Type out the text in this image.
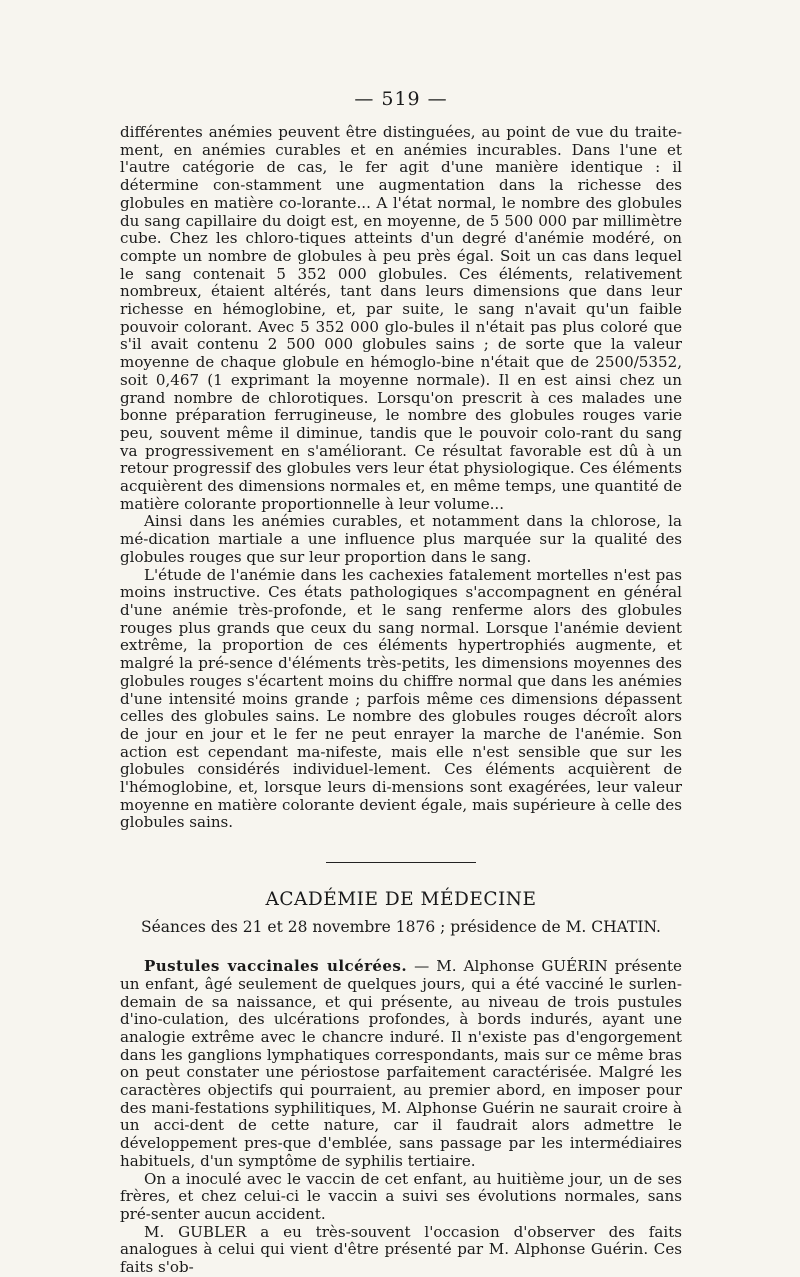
— 519 —

différentes anémies peuvent être distinguées, au point de vue du traite-ment, en anémies curables et en anémies incurables. Dans l'une et l'autre catégorie de cas, le fer agit d'une manière identique : il détermine con-stamment une augmentation dans la richesse des globules en matière co-lorante... A l'état normal, le nombre des globules du sang capillaire du doigt est, en moyenne, de 5 500 000 par millimètre cube. Chez les chloro-tiques atteints d'un degré d'anémie modéré, on compte un nombre de globules à peu près égal. Soit un cas dans lequel le sang contenait 5 352 000 globules. Ces éléments, relativement nombreux, étaient altérés, tant dans leurs dimensions que dans leur richesse en hémoglobine, et, par suite, le sang n'avait qu'un faible pouvoir colorant. Avec 5 352 000 glo-bules il n'était pas plus coloré que s'il avait contenu 2 500 000 globules sains ; de sorte que la valeur moyenne de chaque globule en hémoglo-bine n'était que de 2500/5352, soit 0,467 (1 exprimant la moyenne normale). Il en est ainsi chez un grand nombre de chlorotiques. Lorsqu'on prescrit à ces malades une bonne préparation ferrugineuse, le nombre des globules rouges varie peu, souvent même il diminue, tandis que le pouvoir colo-rant du sang va progressivement en s'améliorant. Ce résultat favorable est dû à un retour progressif des globules vers leur état physiologique. Ces éléments acquièrent des dimensions normales et, en même temps, une quantité de matière colorante proportionnelle à leur volume...

Ainsi dans les anémies curables, et notamment dans la chlorose, la mé-dication martiale a une influence plus marquée sur la qualité des globules rouges que sur leur proportion dans le sang.

L'étude de l'anémie dans les cachexies fatalement mortelles n'est pas moins instructive. Ces états pathologiques s'accompagnent en général d'une anémie très-profonde, et le sang renferme alors des globules rouges plus grands que ceux du sang normal. Lorsque l'anémie devient extrême, la proportion de ces éléments hypertrophiés augmente, et malgré la pré-sence d'éléments très-petits, les dimensions moyennes des globules rouges s'écartent moins du chiffre normal que dans les anémies d'une intensité moins grande ; parfois même ces dimensions dépassent celles des globules sains. Le nombre des globules rouges décroît alors de jour en jour et le fer ne peut enrayer la marche de l'anémie. Son action est cependant ma-nifeste, mais elle n'est sensible que sur les globules considérés individuel-lement. Ces éléments acquièrent de l'hémoglobine, et, lorsque leurs di-mensions sont exagérées, leur valeur moyenne en matière colorante devient égale, mais supérieure à celle des globules sains.

ACADÉMIE DE MÉDECINE
Séances des 21 et 28 novembre 1876 ; présidence de M. CHATIN.

Pustules vaccinales ulcérées. — M. Alphonse GUÉRIN présente un enfant, âgé seulement de quelques jours, qui a été vacciné le surlen-demain de sa naissance, et qui présente, au niveau de trois pustules d'ino-culation, des ulcérations profondes, à bords indurés, ayant une analogie extrême avec le chancre induré. Il n'existe pas d'engorgement dans les ganglions lymphatiques correspondants, mais sur ce même bras on peut constater une périostose parfaitement caractérisée. Malgré les caractères objectifs qui pourraient, au premier abord, en imposer pour des mani-festations syphilitiques, M. Alphonse Guérin ne saurait croire à un acci-dent de cette nature, car il faudrait alors admettre le développement pres-que d'emblée, sans passage par les intermédiaires habituels, d'un symptôme de syphilis tertiaire.

On a inoculé avec le vaccin de cet enfant, au huitième jour, un de ses frères, et chez celui-ci le vaccin a suivi ses évolutions normales, sans pré-senter aucun accident.

M. GUBLER a eu très-souvent l'occasion d'observer des faits analogues à celui qui vient d'être présenté par M. Alphonse Guérin. Ces faits s'ob-
